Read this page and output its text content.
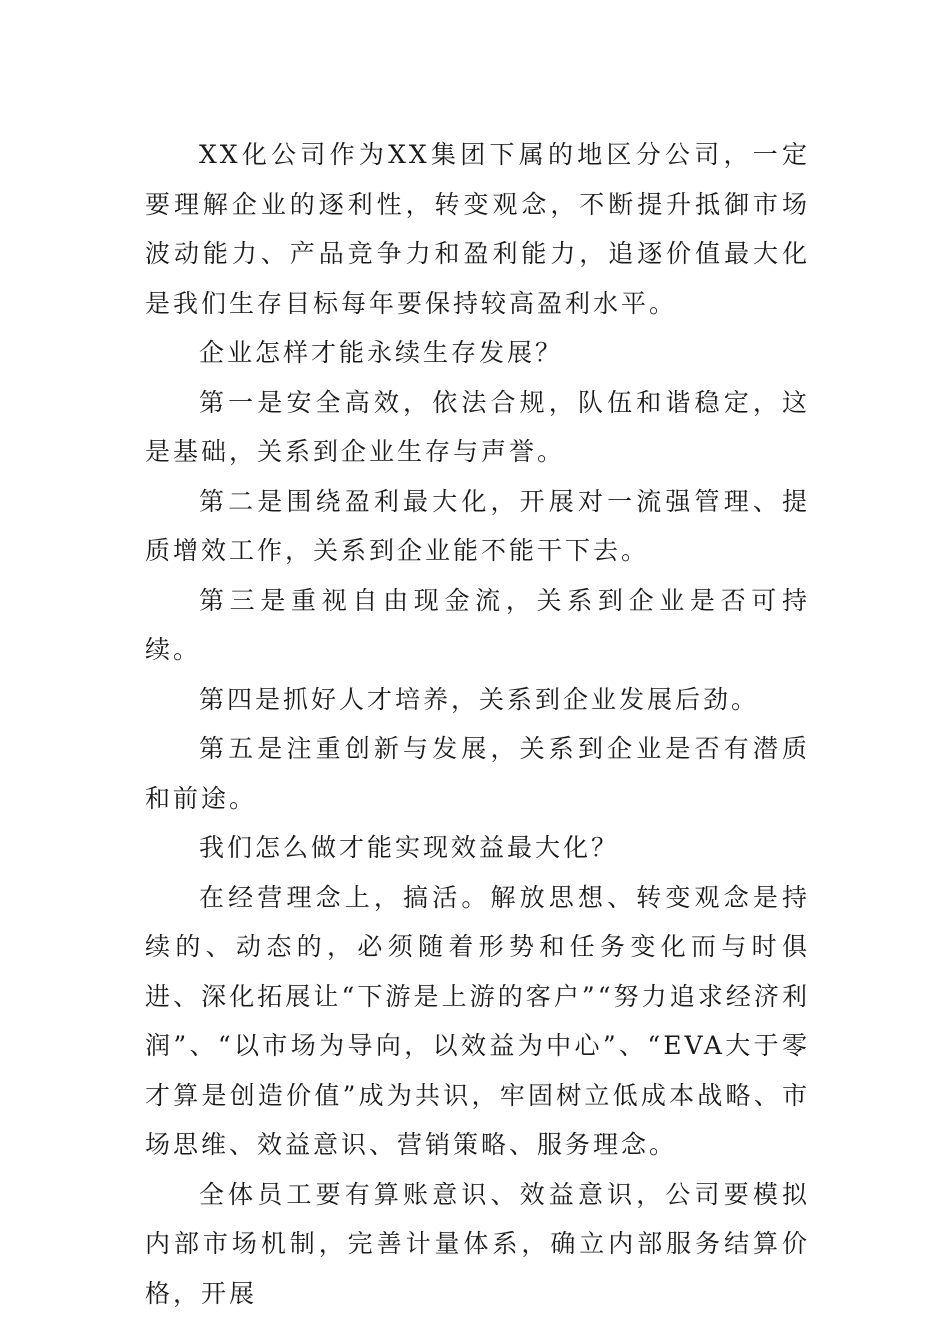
XX化公司作为XX集团下属的地区分公司，一定要理解企业的逐利性，转变观念，不断提升抵御市场波动能力、产品竞争力和盈利能力，追逐价值最大化是我们生存目标每年要保持较高盈利水平。

企业怎样才能永续生存发展？

第一是安全高效，依法合规，队伍和谐稳定，这是基础，关系到企业生存与声誉。

第二是围绕盈利最大化，开展对一流强管理、提质增效工作，关系到企业能不能干下去。

第三是重视自由现金流，关系到企业是否可持续。

第四是抓好人才培养，关系到企业发展后劲。

第五是注重创新与发展，关系到企业是否有潜质和前途。

我们怎么做才能实现效益最大化？

在经营理念上，搞活。解放思想、转变观念是持续的、动态的，必须随着形势和任务变化而与时俱进、深化拓展让“下游是上游的客户”“努力追求经济利润”、“以市场为导向，以效益为中心”、“EVA大于零才算是创造价值”成为共识，牢固树立低成本战略、市场思维、效益意识、营销策略、服务理念。

全体员工要有算账意识、效益意识，公司要模拟内部市场机制，完善计量体系，确立内部服务结算价格，开展
